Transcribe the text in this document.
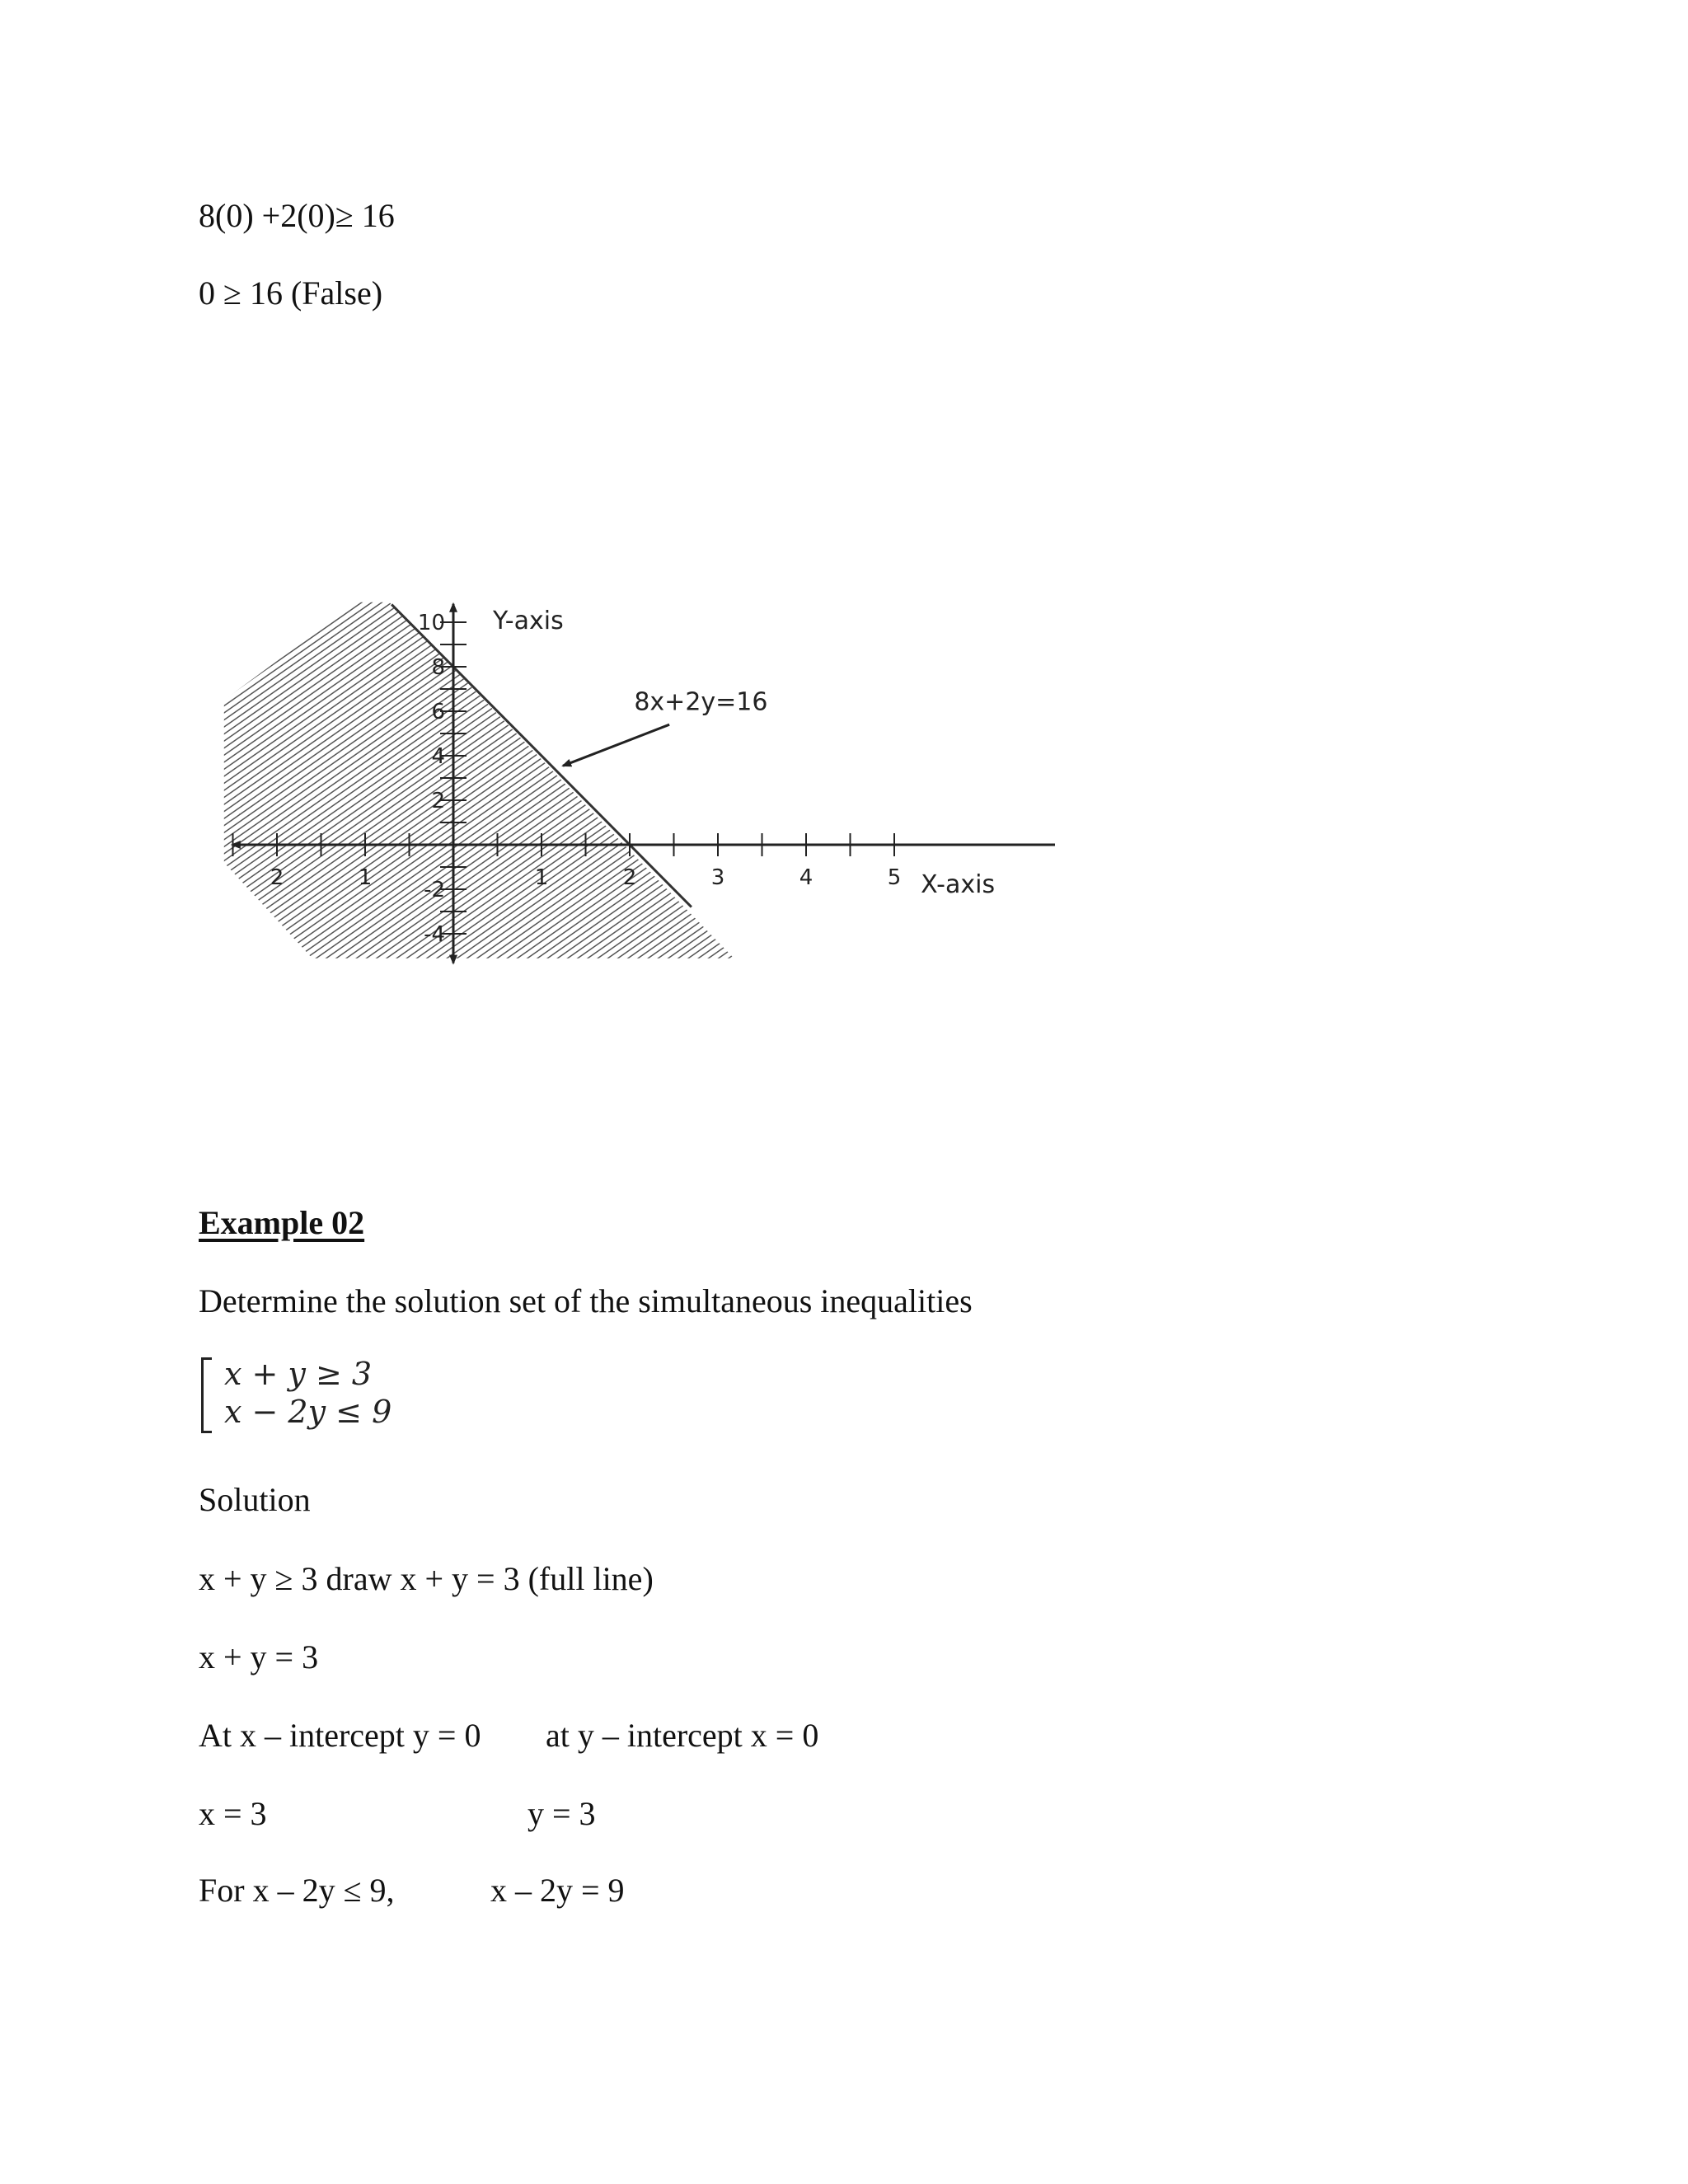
8(0) +2(0)≥ 16
0 ≥ 16 (False)
2	1	1	2	3	4	5
10
8
6
4
2
-2
-4
Y-axis
X-axis
8x+2y=16
Example 02
Determine the solution set of the simultaneous inequalities
x + y ≥ 3
x − 2y ≤ 9
Solution
x + y ≥ 3 draw x + y = 3 (full line)
x + y = 3
At x – intercept y = 0 at y – intercept x = 0
x = 3	y = 3
For x – 2y ≤ 9,	x – 2y = 9
